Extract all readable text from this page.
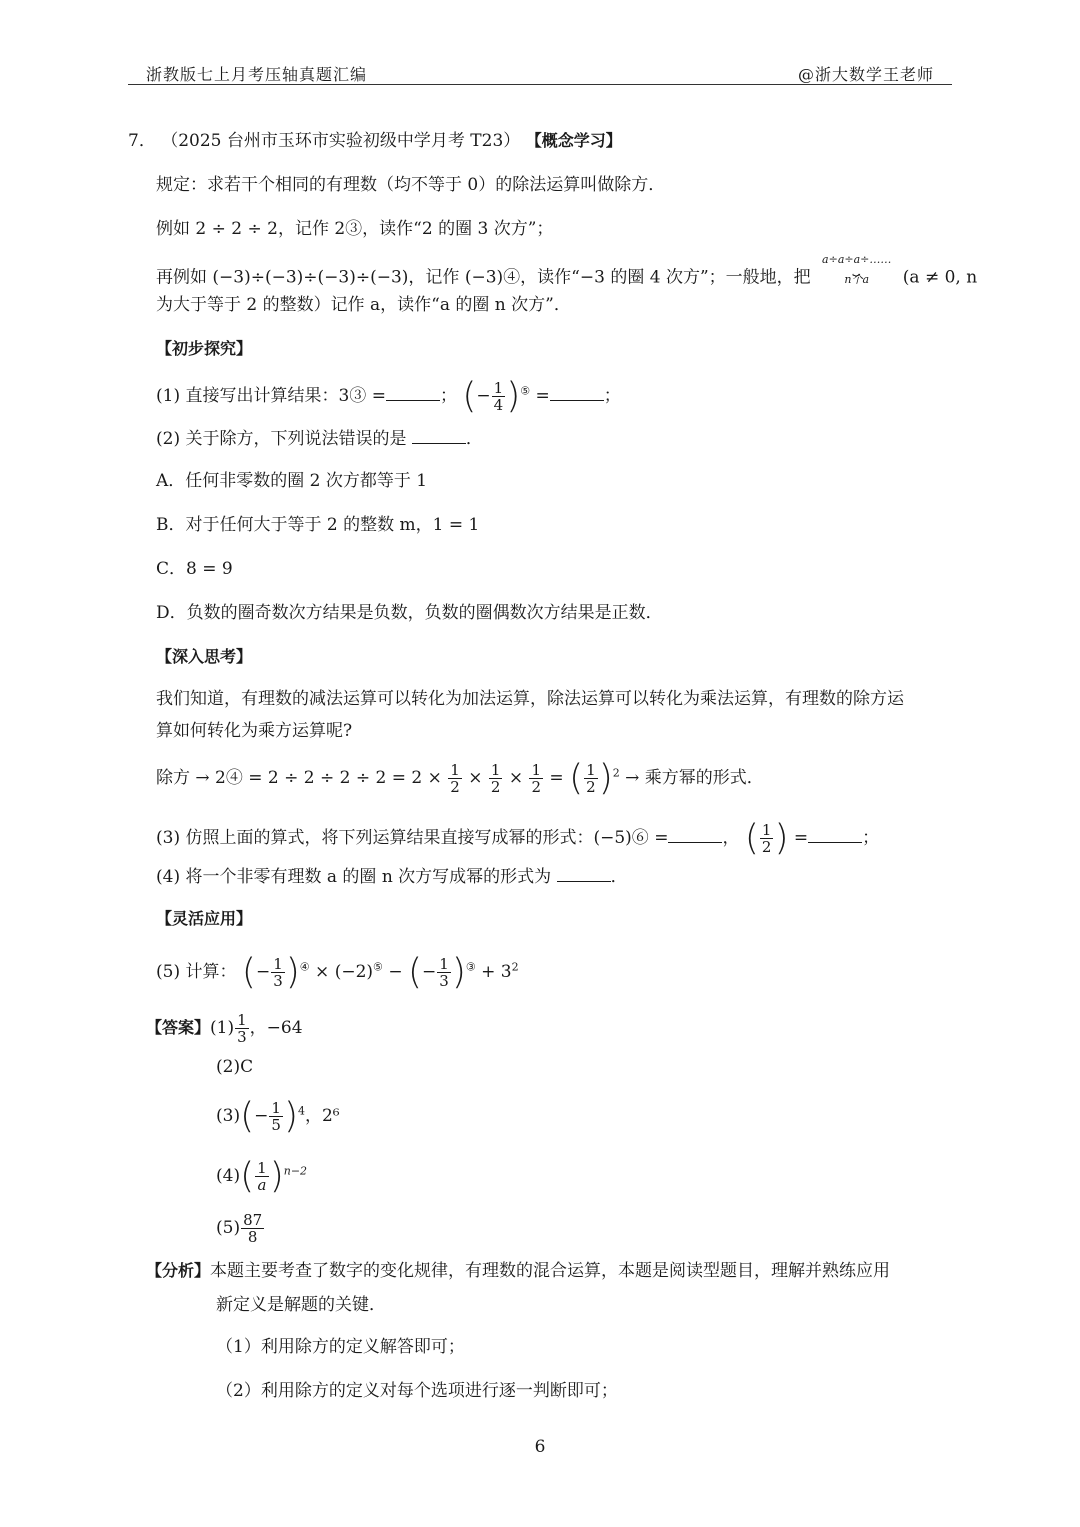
浙教版七上月考压轴真题汇编	@浙大数学王老师
7． （2025 台州市玉环市实验初级中学月考 T23） 【概念学习】
规定：求若干个相同的有理数（均不等于 0）的除法运算叫做除方．
例如 2 ÷ 2 ÷ 2，记作 2③，读作“2 的圈 3 次方”；
再例如 (−3)÷(−3)÷(−3)÷(−3)，记作 (−3)④，读作“−3 的圈 4 次方”；一般地，把
a÷a÷a÷……
⏟
n个a	(a ≠ 0, n
为大于等于 2 的整数）记作 a，读作“a 的圈 n 次方”．
【初步探究】
(1) 直接写出计算结果：3③ =	； (− $\frac{1}{4} )^⑤$ =	；
(2) 关于除方，下列说法错误的是	．
A．任何非零数的圈 2 次方都等于 1
B．对于任何大于等于 2 的整数 m，1 = 1
C．8 = 9
D．负数的圈奇数次方结果是负数，负数的圈偶数次方结果是正数．
【深入思考】
我们知道，有理数的减法运算可以转化为加法运算，除法运算可以转化为乘法运算，有理数的除方运
算如何转化为乘方运算呢?
除方 → 2④ = $2 \div 2 \div 2 \div 2 = 2 \times \frac{1}{2} \times \frac{1}{2} \times \frac{1}{2}$ = ( $\frac{1}{2} )^2$ → 乘方幂的形式．
(3) 仿照上面的算式，将下列运算结果直接写成幂的形式：(−5)⑥ =	， ( $\frac{1}{2}$ ) =	；
(4) 将一个非零有理数 a 的圈 n 次方写成幂的形式为	．
【灵活应用】
(5) 计算： (− $\frac{1}{3} )^④ \times (-2)^⑤$ − (− $\frac{1}{3} )^③ + 3^2$
【答案】$(1) \frac{1}{3}$ ，−64
(2)C
$(3)(- \frac{1}{5} )^4$，2⁶
$(4)( \frac{1}{a} )^{n-2}$
$(5) \frac{87}{8}$
【分析】本题主要考查了数字的变化规律，有理数的混合运算，本题是阅读型题目，理解并熟练应用
新定义是解题的关键．
（1）利用除方的定义解答即可；
（2）利用除方的定义对每个选项进行逐一判断即可；
6
